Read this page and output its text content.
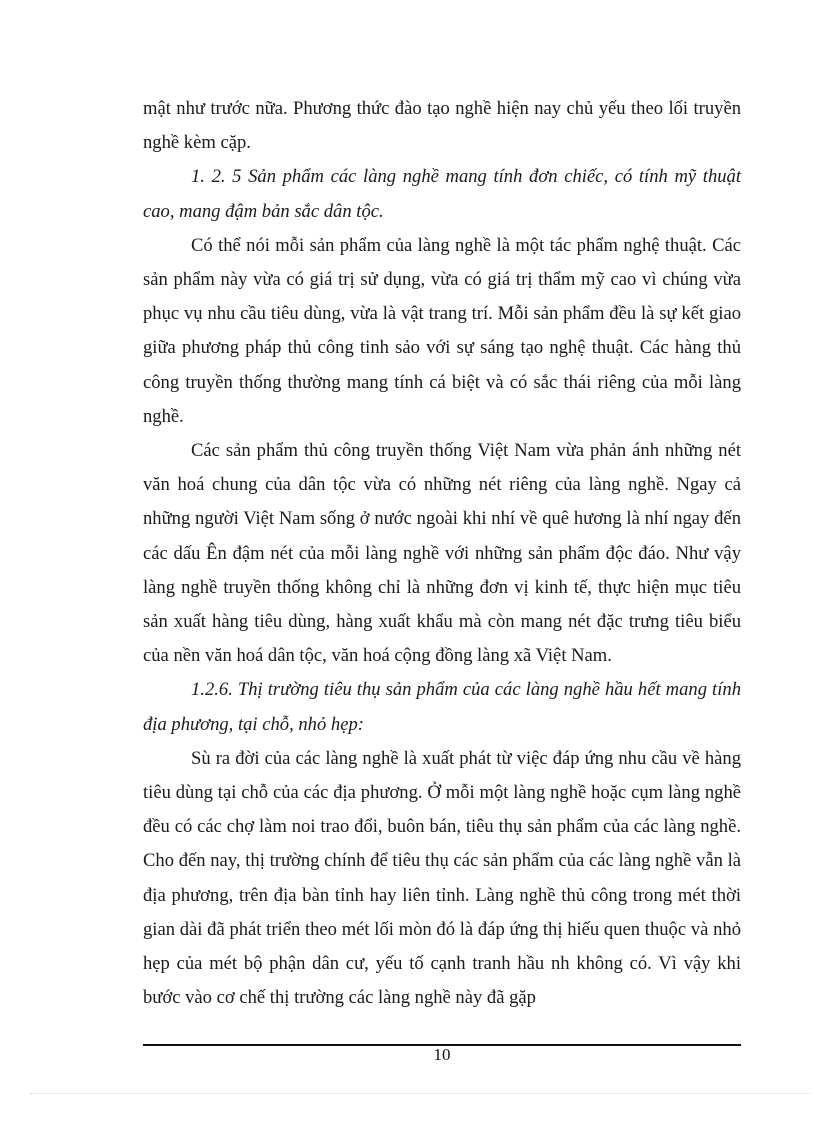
mật như trước nữa. Phương thức đào tạo nghề hiện nay chủ yếu theo lối truyền nghề kèm cặp.

1. 2. 5 Sản phẩm các làng nghề mang tính đơn chiếc, có tính mỹ thuật cao, mang đậm bản sắc dân tộc.

Có thể nói mỗi sản phẩm của làng nghề là một tác phẩm nghệ thuật. Các sản phẩm này vừa có giá trị sử dụng, vừa có giá trị thẩm mỹ cao vì chúng vừa phục vụ nhu cầu tiêu dùng, vừa là vật trang trí. Mỗi sản phẩm đều là sự kết giao giữa phương pháp thủ công tinh sảo với sự sáng tạo nghệ thuật. Các hàng thủ công truyền thống thường mang tính cá biệt và có sắc thái riêng của mỗi làng nghề.

Các sản phẩm thủ công truyền thống Việt Nam vừa phản ánh những nét văn hoá chung của dân tộc vừa có những nét riêng của làng nghề. Ngay cả những người Việt Nam sống ở nước ngoài khi nhí về quê hương là nhí ngay đến các dấu Ên đậm nét của mỗi làng nghề với những sản phẩm độc đáo. Như vậy làng nghề truyền thống không chỉ là những đơn vị kinh tế, thực hiện mục tiêu sản xuất hàng tiêu dùng, hàng xuất khẩu mà còn mang nét đặc trưng tiêu biểu của nền văn hoá dân tộc, văn hoá cộng đồng làng xã Việt Nam.

1.2.6. Thị trường tiêu thụ sản phẩm của các làng nghề hầu hết mang tính địa phương, tại chỗ, nhỏ hẹp:

Sù ra đời của các làng nghề là xuất phát từ việc đáp ứng nhu cầu về hàng tiêu dùng tại chỗ của các địa phương. Ở mỗi một làng nghề hoặc cụm làng nghề đều có các chợ làm noi trao đổi, buôn bán, tiêu thụ sản phẩm của các làng nghề. Cho đến nay, thị trường chính để tiêu thụ các sản phẩm của các làng nghề vẫn là địa phương, trên địa bàn tỉnh hay liên tỉnh. Làng nghề thủ công trong mét thời gian dài đã phát triển theo mét lối mòn đó là đáp ứng thị hiếu quen thuộc và nhỏ hẹp của mét bộ phận dân cư, yếu tố cạnh tranh hầu nh không có. Vì vậy khi bước vào cơ chế thị trường các làng nghề này đã gặp

10
